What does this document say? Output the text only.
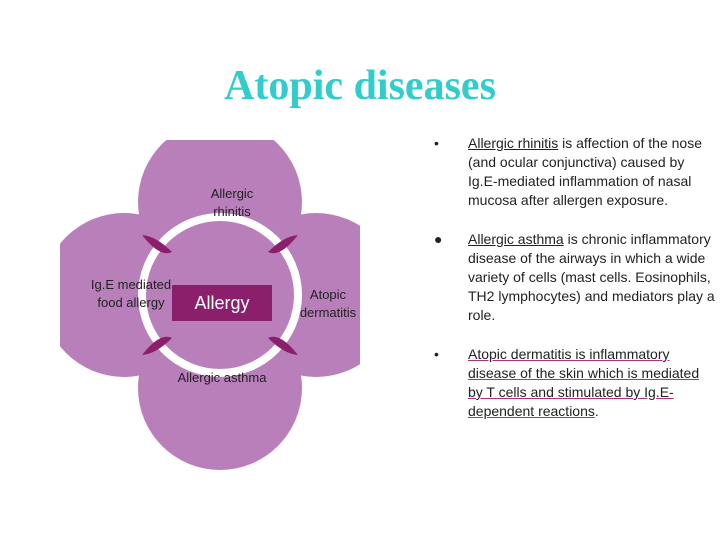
Atopic diseases
Allergic rhinitis
Ig.E mediated food allergy
Atopic dermatitis
Allergic asthma
Allergy
• Allergic rhinitis is affection of the nose (and ocular conjunctiva) caused by Ig.E-mediated inflammation of nasal mucosa after allergen exposure.
● Allergic asthma is chronic inflammatory disease of the airways in which a wide variety of cells (mast cells. Eosinophils, TH2 lymphocytes) and mediators play a role.
• Atopic dermatitis is inflammatory disease of the skin which is mediated by T cells and stimulated by Ig.E-dependent reactions.
